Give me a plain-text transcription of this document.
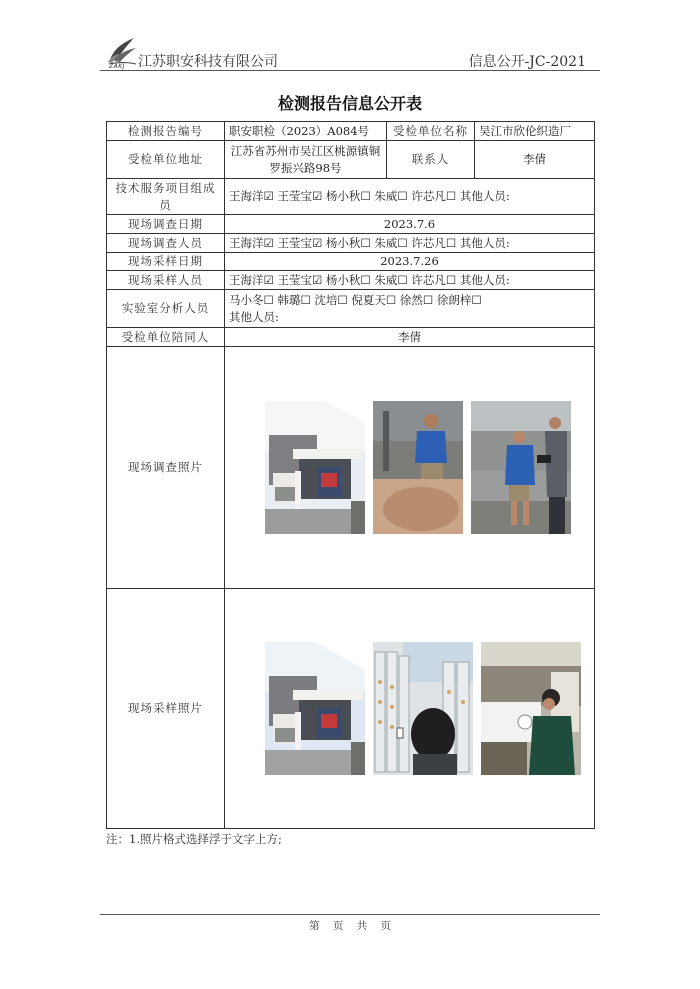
ZAKJ 江苏职安科技有限公司	信息公开-JC-2021
检测报告信息公开表
检测报告编号	职安职检（2023）A084号	受检单位名称	吴江市欣伦织造厂
受检单位地址	江苏省苏州市吴江区桃源镇铜罗振兴路98号	联系人	李倩
技术服务项目组成员	王海洋☑ 王莹宝☑ 杨小秋☐ 朱威☐ 许芯凡☐ 其他人员:		
现场调查日期	2023.7.6		
现场调查人员	王海洋☑ 王莹宝☑ 杨小秋☐ 朱威☐ 许芯凡☐ 其他人员:		
现场采样日期	2023.7.26		
现场采样人员	王海洋☑ 王莹宝☑ 杨小秋☐ 朱威☐ 许芯凡☐ 其他人员:		
实验室分析人员	马小冬☐ 韩璐☐ 沈培☐ 倪夏天☐ 徐然☐ 徐朗梓☐
其他人员:		

受检单位陪同人	李倩		
现场调查照片	

现场采样照片	
注：1.照片格式选择浮于文字上方;
第 页 共 页
